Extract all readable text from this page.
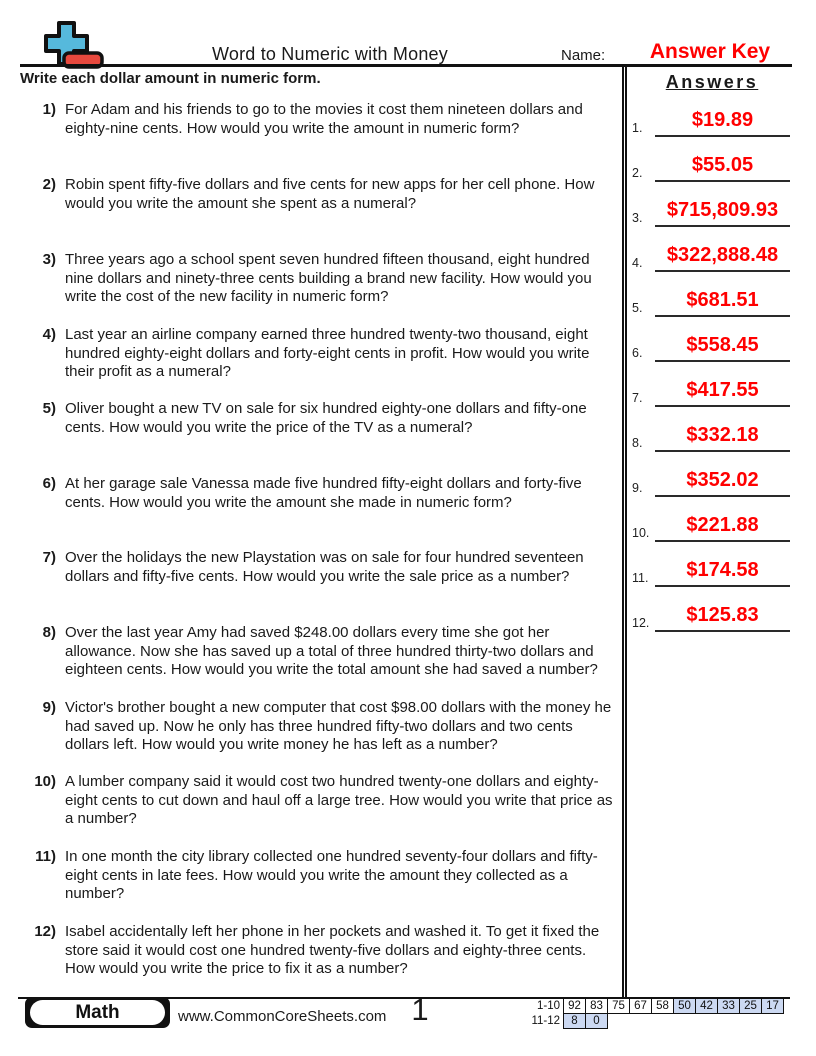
Word to Numeric with Money	Name:	Answer Key
Write each dollar amount in numeric form.	Answers
1) For Adam and his friends to go to the movies it cost them nineteen dollars and eighty-nine cents. How would you write the amount in numeric form?
2) Robin spent fifty-five dollars and five cents for new apps for her cell phone. How would you write the amount she spent as a numeral?
3) Three years ago a school spent seven hundred fifteen thousand, eight hundred nine dollars and ninety-three cents building a brand new facility. How would you write the cost of the new facility in numeric form?
4) Last year an airline company earned three hundred twenty-two thousand, eight hundred eighty-eight dollars and forty-eight cents in profit. How would you write their profit as a numeral?
5) Oliver bought a new TV on sale for six hundred eighty-one dollars and fifty-one cents. How would you write the price of the TV as a numeral?
6) At her garage sale Vanessa made five hundred fifty-eight dollars and forty-five cents. How would you write the amount she made in numeric form?
7) Over the holidays the new Playstation was on sale for four hundred seventeen dollars and fifty-five cents. How would you write the sale price as a number?
8) Over the last year Amy had saved $248.00 dollars every time she got her allowance. Now she has saved up a total of three hundred thirty-two dollars and eighteen cents. How would you write the total amount she had saved a number?
9) Victor's brother bought a new computer that cost $98.00 dollars with the money he had saved up. Now he only has three hundred fifty-two dollars and two cents dollars left. How would you write money he has left as a number?
10) A lumber company said it would cost two hundred twenty-one dollars and eighty-eight cents to cut down and haul off a large tree. How would you write that price as a number?
11) In one month the city library collected one hundred seventy-four dollars and fifty-eight cents in late fees. How would you write the amount they collected as a number?
12) Isabel accidentally left her phone in her pockets and washed it. To get it fixed the store said it would cost one hundred twenty-five dollars and eighty-three cents. How would you write the price to fix it as a number?
1.	$19.89
2.	$55.05
3.	$715,809.93
4.	$322,888.48
5.	$681.51
6.	$558.45
7.	$417.55
8.	$332.18
9.	$352.02
10.	$221.88
11.	$174.58
12.	$125.83
Math	www.CommonCoreSheets.com 1	1-10 92 83 75 67 58 50 42 33 25 17
11-12 8	0
